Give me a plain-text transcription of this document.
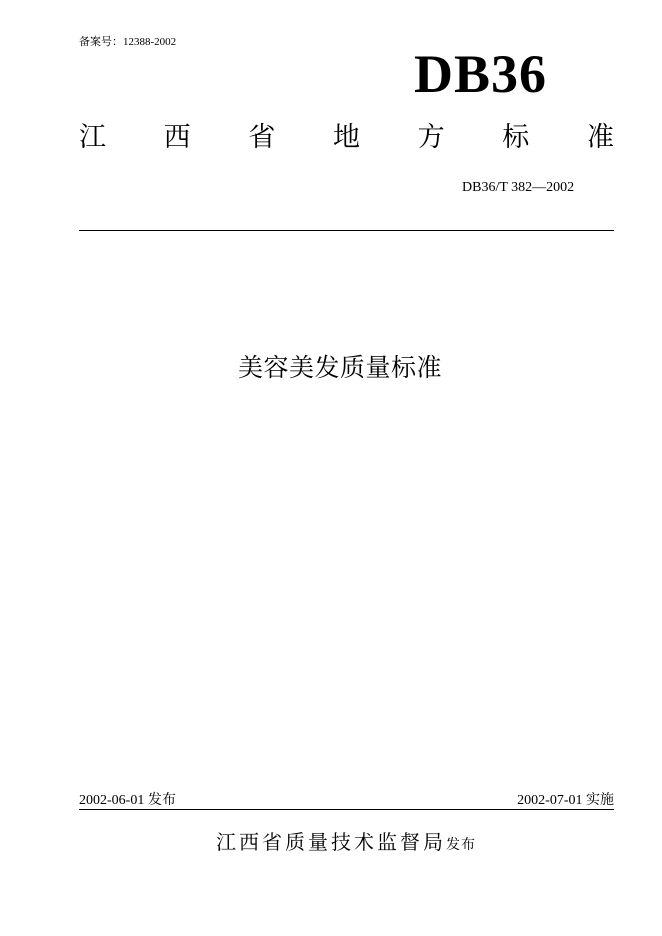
备案号：12388-2002
DB36
江 西 省 地 方 标 准
DB36/T 382—2002
美容美发质量标准
2002-06-01 发布	2002-07-01 实施
江西省质量技术监督局发布
